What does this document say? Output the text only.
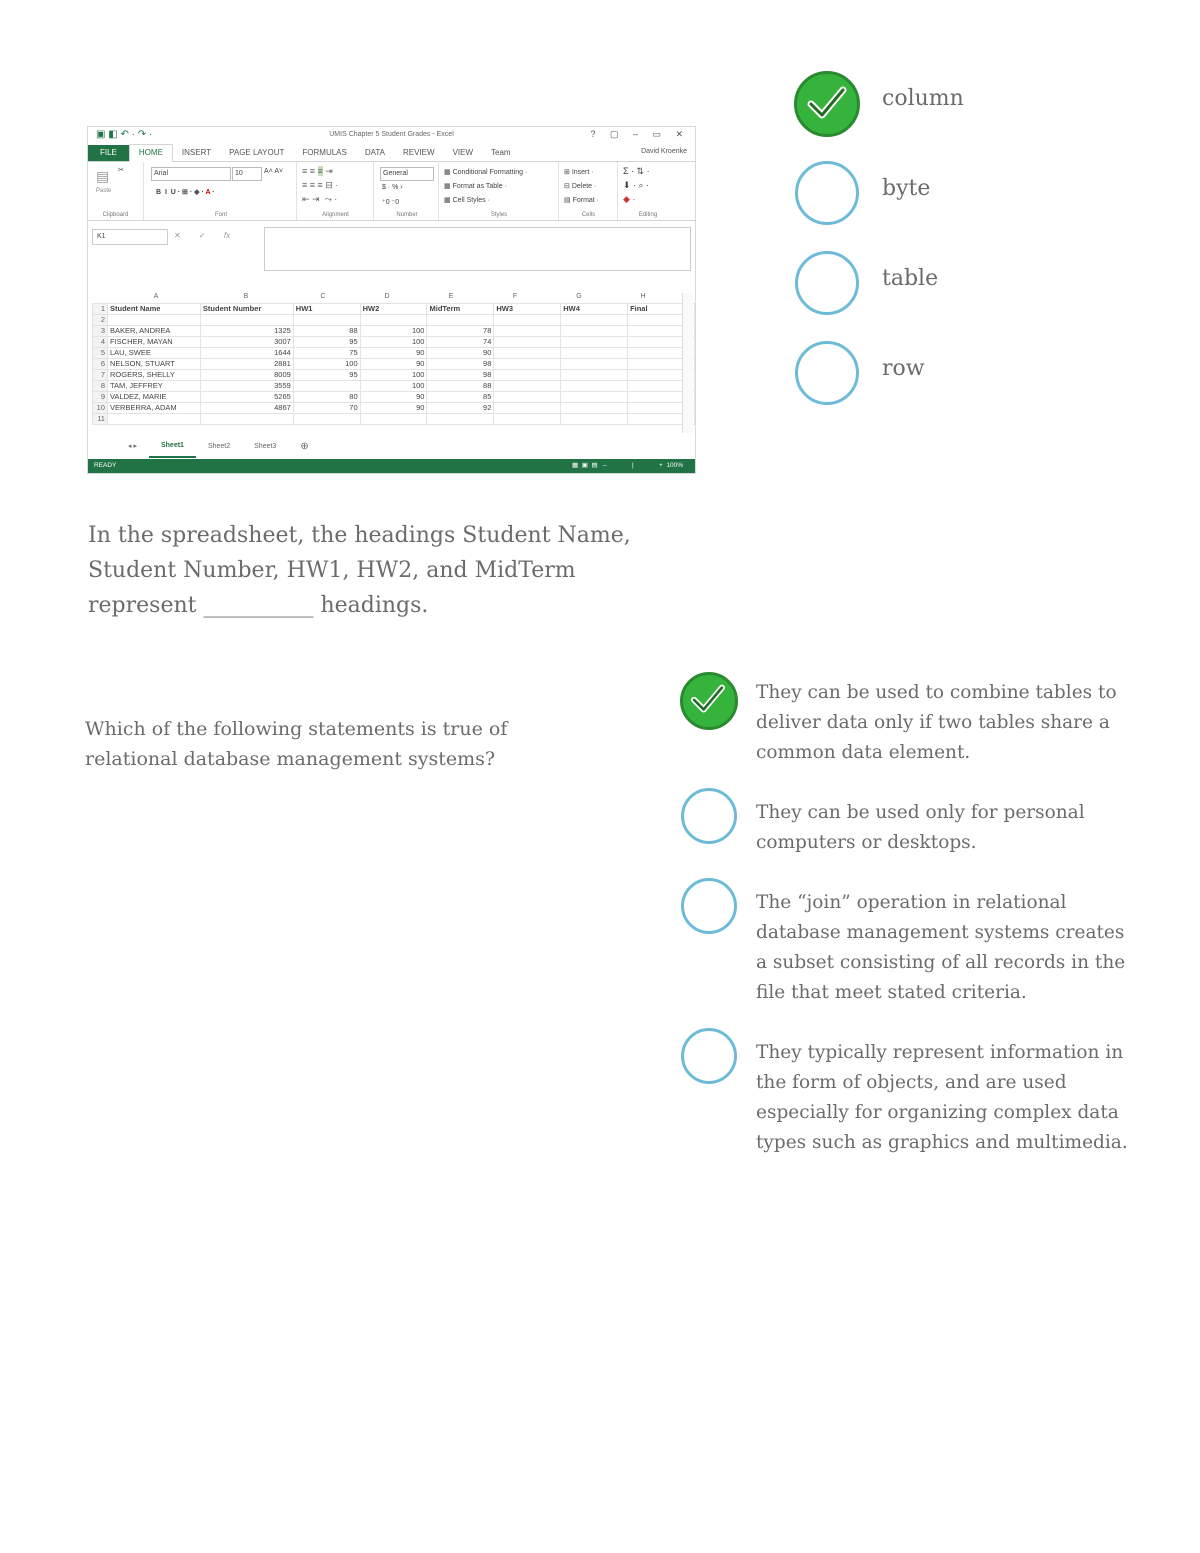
▣ ◧ ↶ · ↷ ·	UMIS Chapter 5 Student Grades - Excel	? ▢ – ▭ ✕
FILE	HOME	INSERT	PAGE LAYOUT	FORMULAS	DATA	REVIEW	VIEW	Team	David Kroenke
▤ ✂
Paste
Clipboard
Arial	10	A˄ A˅
B  I  U · ⊞ · ◈ · A ·
Font
≡ ≡ ≡ ⇥
≡ ≡ ≡ ⊟ ·
⇤ ⇥  ⤳ ·
Alignment
General
$ · % ›
⁺0 ⁻0
Number
▦ Conditional Formatting ·
▦ Format as Table ·
▦ Cell Styles ·
Styles
⊞ Insert ·
⊟ Delete ·
▤ Format ·
Cells
Σ · ⇅ ·
⬇ · ⌕ ·
◆ ·
Editing
K1	✕ ✓ fx
A	B	C	D	E	F	G	H
1	Student Name	Student Number	HW1	HW2	MidTerm	HW3	HW4	Final
2								
3	BAKER, ANDREA	1325	88	100	78			
4	FISCHER, MAYAN	3007	95	100	74			
5	LAU, SWEE	1644	75	90	90			
6	NELSON, STUART	2881	100	90	98			
7	ROGERS, SHELLY	8009	95	100	98			
8	TAM, JEFFREY	3559		100	88			
9	VALDEZ, MARIE	5265	80	90	85			
10	VERBERRA, ADAM	4867	70	90	92			
11								
◂ ▸	Sheet1	Sheet2	Sheet3	⊕
READY	▦  ▣  ▤   –              |              +  100%
In the spreadsheet, the headings Student Name, Student Number, HW1, HW2, and MidTerm represent __________ headings.
column
byte
table
row
Which of the following statements is true of relational database management systems?
They can be used to combine tables to deliver data only if two tables share a common data element.
They can be used only for personal computers or desktops.
The “join” operation in relational database management systems creates a subset consisting of all records in the file that meet stated criteria.
They typically represent information in the form of objects, and are used especially for organizing complex data types such as graphics and multimedia.
